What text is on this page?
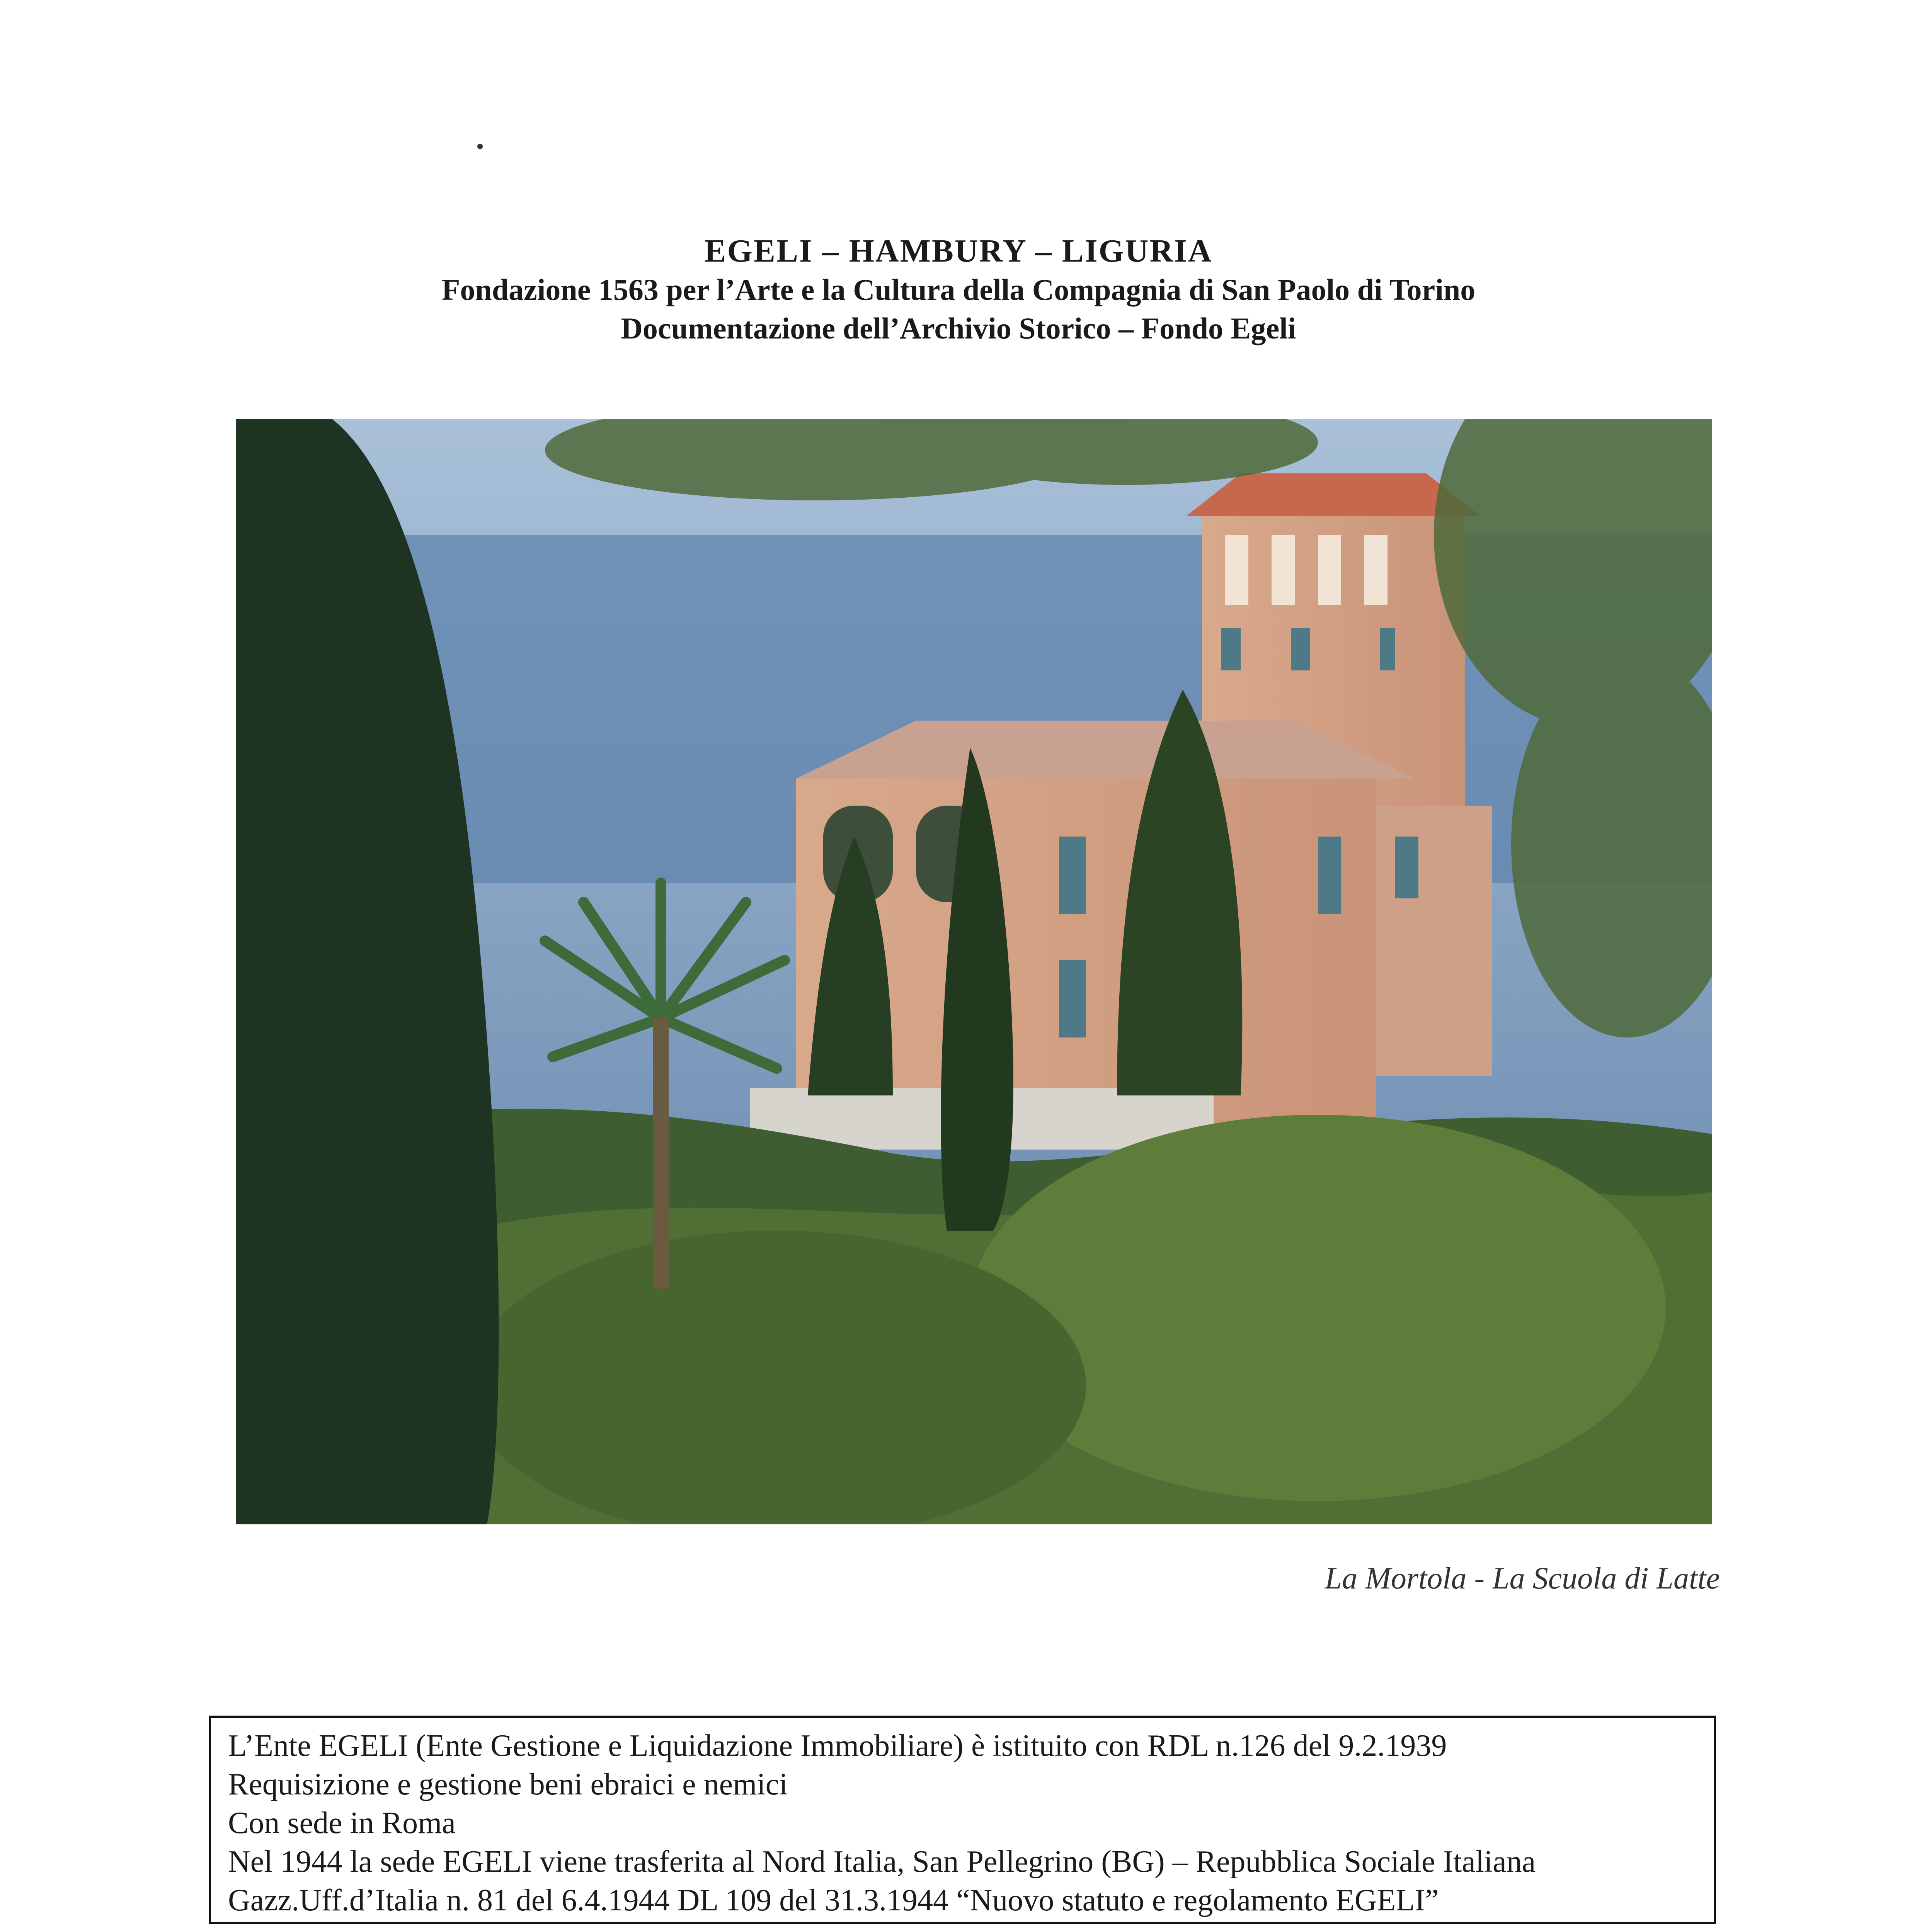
EGELI – HAMBURY – LIGURIA
Fondazione 1563 per l’Arte e la Cultura della Compagnia di San Paolo di Torino
Documentazione dell’Archivio Storico – Fondo Egeli
La Mortola - La Scuola di Latte
L’Ente EGELI (Ente Gestione e Liquidazione Immobiliare) è istituito con RDL n.126 del 9.2.1939
Requisizione e gestione beni ebraici e nemici
Con sede in Roma
Nel 1944 la sede EGELI viene trasferita al Nord Italia, San Pellegrino (BG) – Repubblica Sociale Italiana
Gazz.Uff.d’Italia n. 81 del 6.4.1944 DL 109 del 31.3.1944 “Nuovo statuto e regolamento EGELI”
